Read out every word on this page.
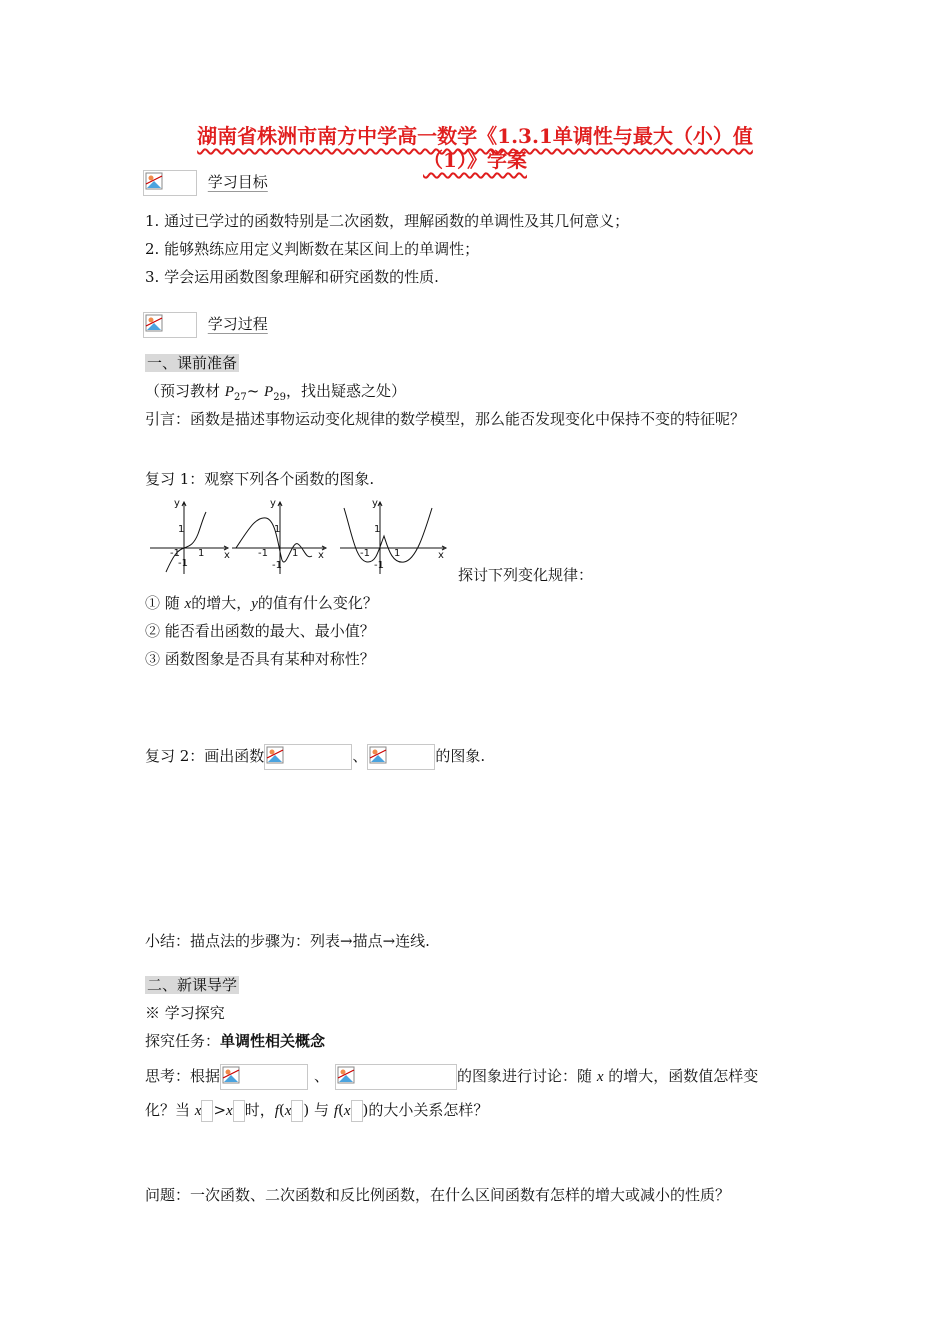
湖南省株洲市南方中学高一数学《1.3.1单调性与最大（小）值
（1）》学案
学习目标
1. 通过已学过的函数特别是二次函数，理解函数的单调性及其几何意义；
2. 能够熟练应用定义判断数在某区间上的单调性；
3. 学会运用函数图象理解和研究函数的性质.
学习过程
一、课前准备
（预习教材 $P_{27}\sim$ $P_{29}$，找出疑惑之处）
引言：函数是描述事物运动变化规律的数学模型，那么能否发现变化中保持不变的特征呢？
复习 1：观察下列各个函数的图象.
y
x
1
-1 1
-1
y
x
1
-1 1
-1
y
x
1
-1 1
-1
探讨下列变化规律：
① 随 x的增大，y的值有什么变化？
② 能否看出函数的最大、最小值？
③ 函数图象是否具有某种对称性？
复习 2：画出函数	、	的图象.
小结：描点法的步骤为：列表→描点→连线.
二、新课导学
※ 学习探究
探究任务：单调性相关概念
思考：根据	、	的图象进行讨论：随 x 的增大，函数值怎样变
化？当 x >x 时，f(x ) 与 f(x )的大小关系怎样？
问题：一次函数、二次函数和反比例函数，在什么区间函数有怎样的增大或减小的性质？
